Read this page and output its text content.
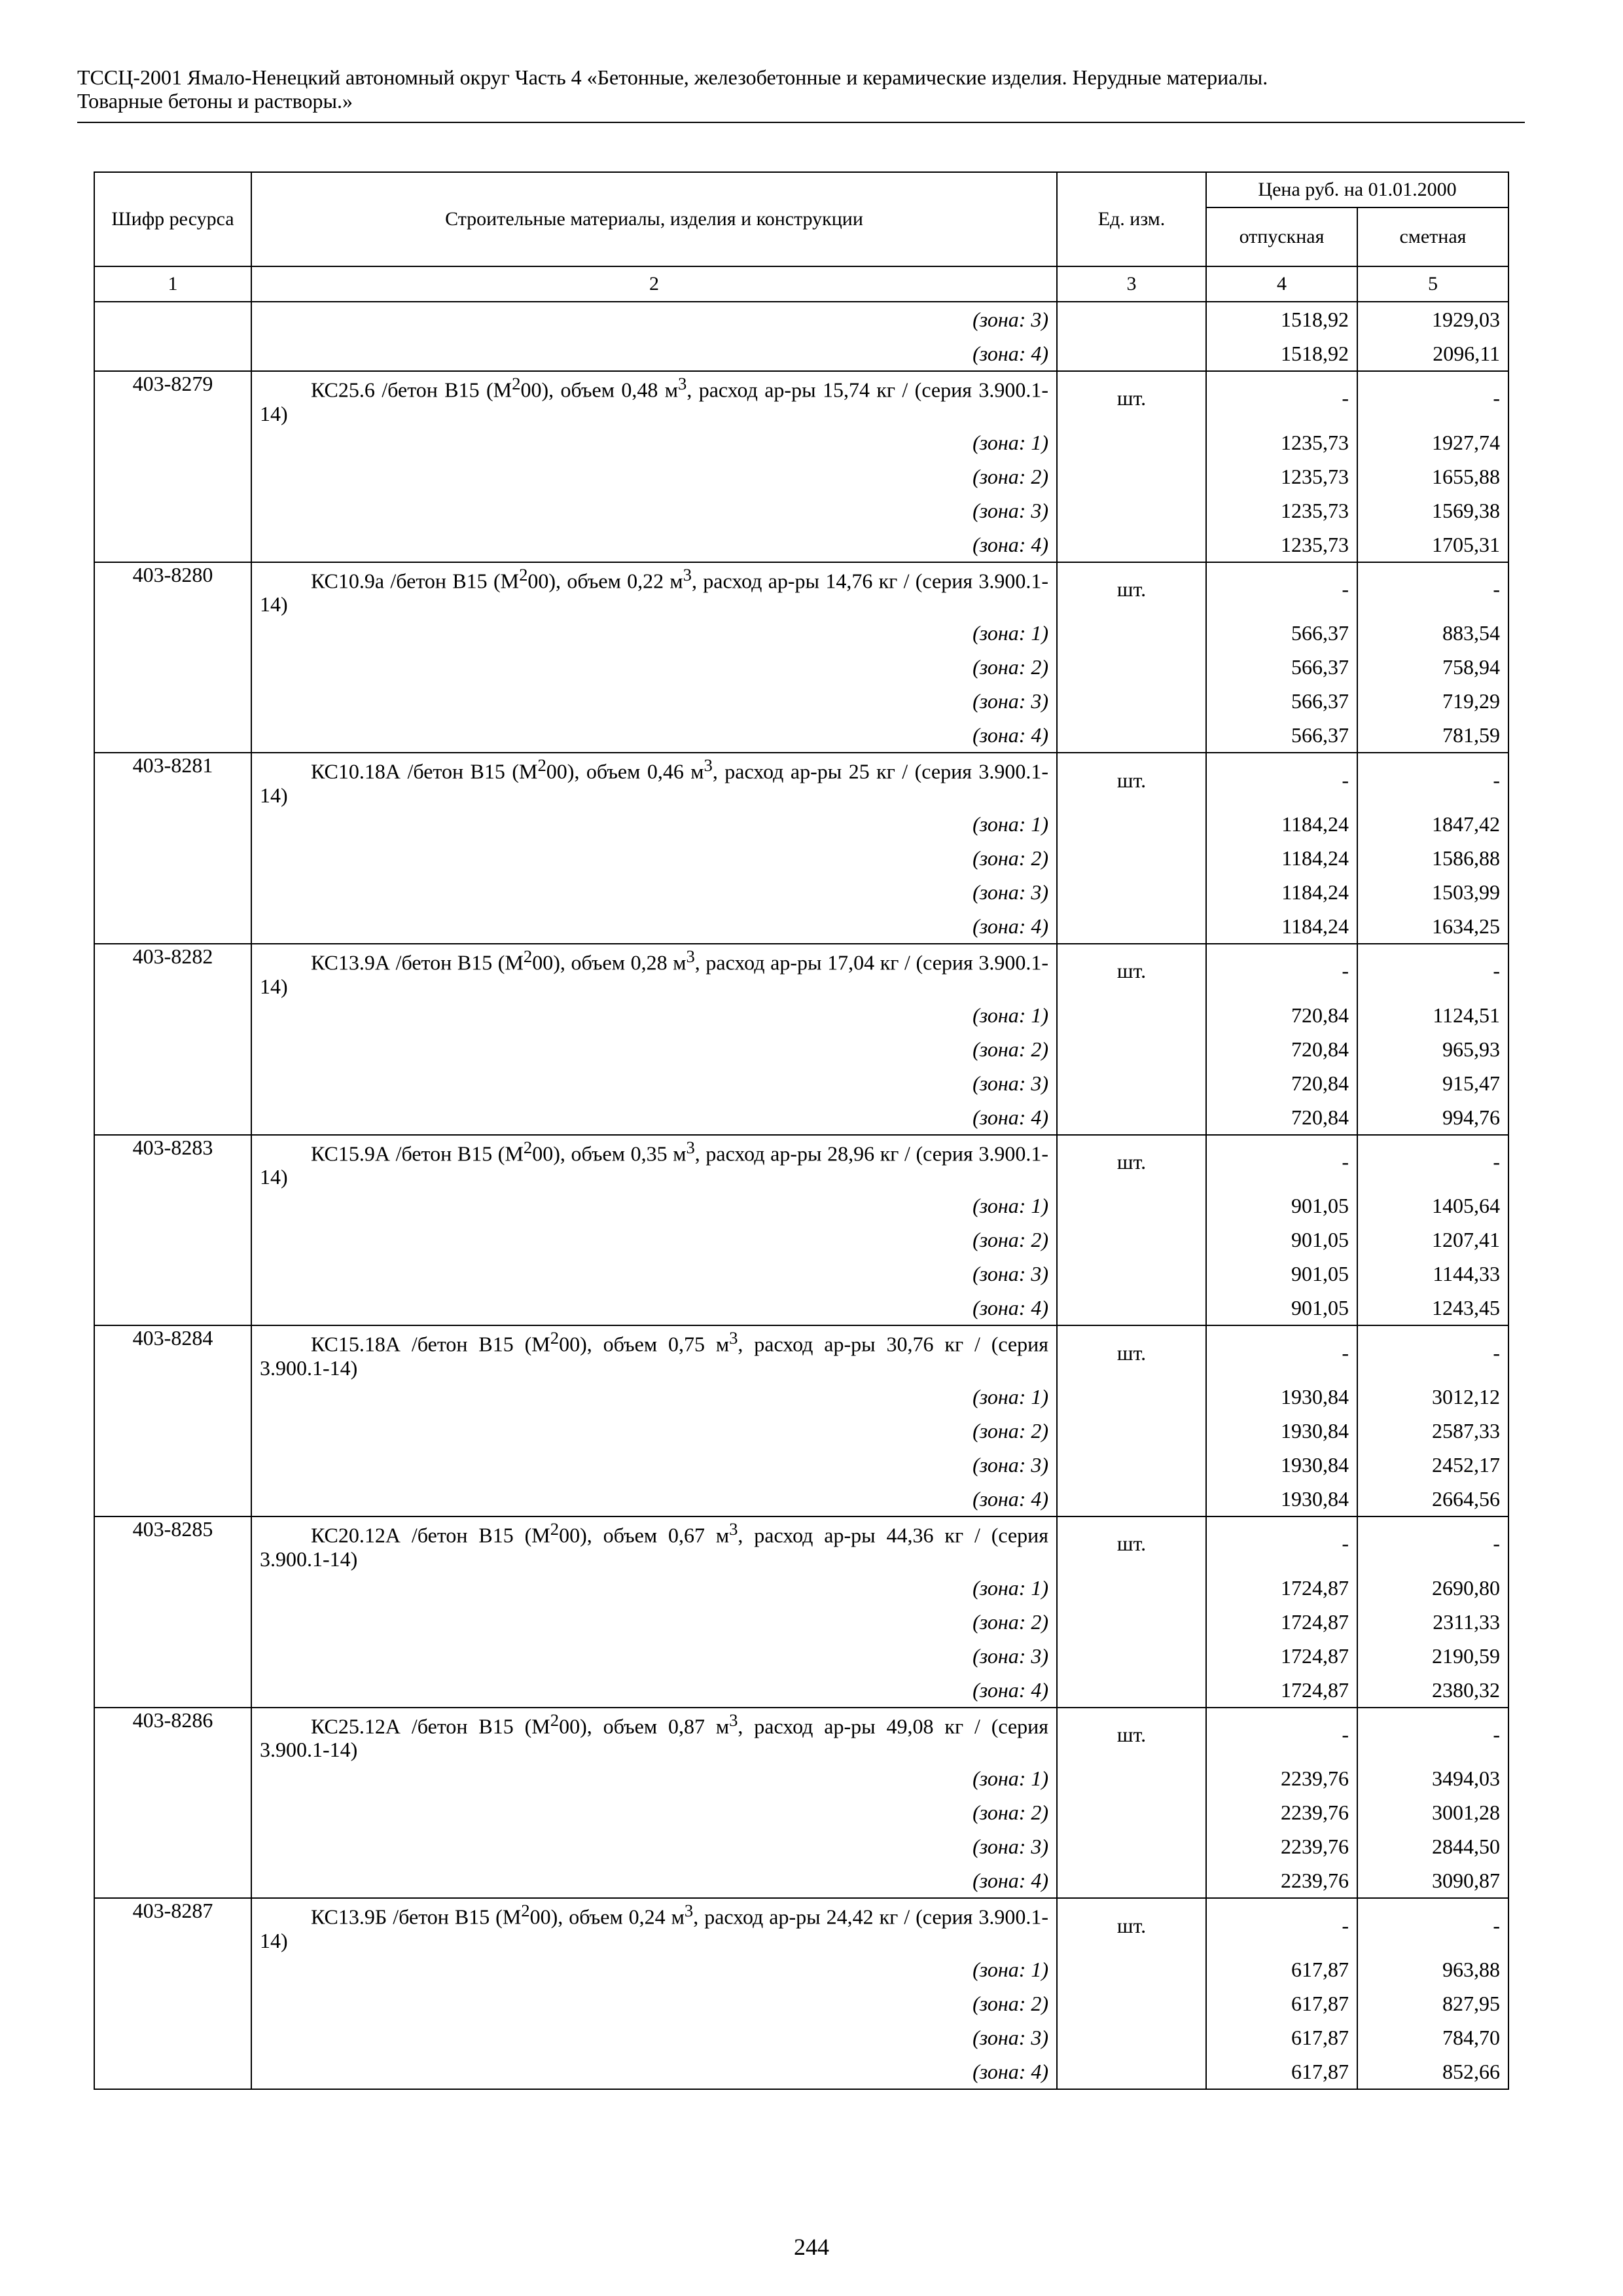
ТССЦ-2001 Ямало-Ненецкий автономный округ Часть 4 «Бетонные, железобетонные и керамические изделия. Нерудные материалы.
Товарные бетоны и растворы.»
Шифр ресурса	Строительные материалы, изделия и конструкции	Ед. изм.	Цена руб. на 01.01.2000	
			отпускная	сметная
1	2	3	4	5
	(зона: 3)		1518,92	1929,03
	(зона: 4)		1518,92	2096,11
403-8279	КС25.6 /бетон В15 $(М^200)$, объем 0,48 $м^3$, расход ар-ры 15,74 кг / (серия 3.900.1-14)	шт.	-	-
	(зона: 1)		1235,73	1927,74
	(зона: 2)		1235,73	1655,88
	(зона: 3)		1235,73	1569,38
	(зона: 4)		1235,73	1705,31
403-8280	КС10.9а /бетон В15 $(М^200)$, объем 0,22 $м^3$, расход ар-ры 14,76 кг / (серия 3.900.1-14)	шт.	-	-
	(зона: 1)		566,37	883,54
	(зона: 2)		566,37	758,94
	(зона: 3)		566,37	719,29
	(зона: 4)		566,37	781,59
403-8281	КС10.18А /бетон В15 $(М^200)$, объем 0,46 $м^3$, расход ар-ры 25 кг / (серия 3.900.1-14)	шт.	-	-
	(зона: 1)		1184,24	1847,42
	(зона: 2)		1184,24	1586,88
	(зона: 3)		1184,24	1503,99
	(зона: 4)		1184,24	1634,25
403-8282	КС13.9А /бетон В15 $(М^200)$, объем 0,28 $м^3$, расход ар-ры 17,04 кг / (серия 3.900.1-14)	шт.	-	-
	(зона: 1)		720,84	1124,51
	(зона: 2)		720,84	965,93
	(зона: 3)		720,84	915,47
	(зона: 4)		720,84	994,76
403-8283	КС15.9А /бетон В15 $(М^200)$, объем 0,35 $м^3$, расход ар-ры 28,96 кг / (серия 3.900.1-14)	шт.	-	-
	(зона: 1)		901,05	1405,64
	(зона: 2)		901,05	1207,41
	(зона: 3)		901,05	1144,33
	(зона: 4)		901,05	1243,45
403-8284	КС15.18А /бетон В15 $(М^200)$, объем 0,75 $м^3$, расход ар-ры 30,76 кг / (серия 3.900.1-14)	шт.	-	-
	(зона: 1)		1930,84	3012,12
	(зона: 2)		1930,84	2587,33
	(зона: 3)		1930,84	2452,17
	(зона: 4)		1930,84	2664,56
403-8285	КС20.12А /бетон В15 $(М^200)$, объем 0,67 $м^3$, расход ар-ры 44,36 кг / (серия 3.900.1-14)	шт.	-	-
	(зона: 1)		1724,87	2690,80
	(зона: 2)		1724,87	2311,33
	(зона: 3)		1724,87	2190,59
	(зона: 4)		1724,87	2380,32
403-8286	КС25.12А /бетон В15 $(М^200)$, объем 0,87 $м^3$, расход ар-ры 49,08 кг / (серия 3.900.1-14)	шт.	-	-
	(зона: 1)		2239,76	3494,03
	(зона: 2)		2239,76	3001,28
	(зона: 3)		2239,76	2844,50
	(зона: 4)		2239,76	3090,87
403-8287	КС13.9Б /бетон В15 $(М^200)$, объем 0,24 $м^3$, расход ар-ры 24,42 кг / (серия 3.900.1-14)	шт.	-	-
	(зона: 1)		617,87	963,88
	(зона: 2)		617,87	827,95
	(зона: 3)		617,87	784,70
	(зона: 4)		617,87	852,66
244
